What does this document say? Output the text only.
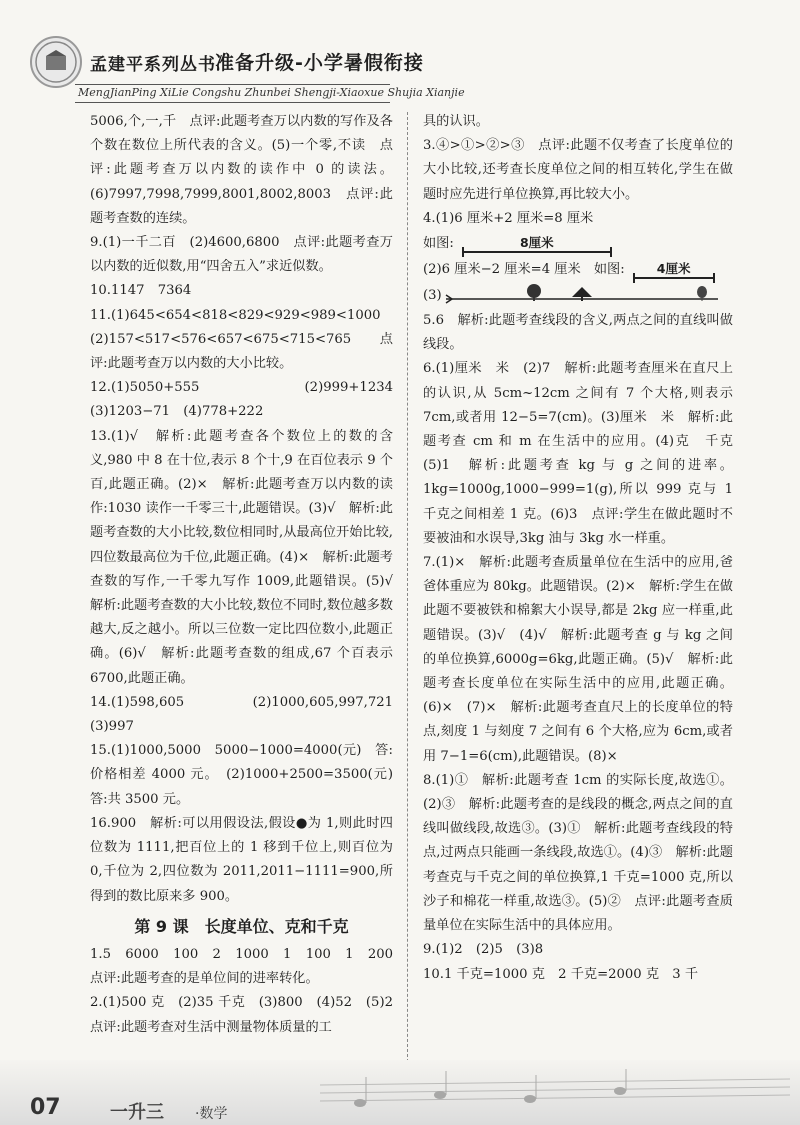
孟建平系列丛书 准备升级-小学暑假衔接
MengJianPing XiLie Congshu Zhunbei Shengji-Xiaoxue Shujia Xianjie

5006,个,一,千　点评:此题考查万以内数的写作及各个数在数位上所代表的含义。(5)一个零,不读　点评:此题考查万以内数的读作中 0 的读法。(6)7997,7998,7999,8001,8002,8003　点评:此题考查数的连续。

9.(1)一千二百　(2)4600,6800　点评:此题考查万以内数的近似数,用“四舍五入”求近似数。

10.1147　7364

11.(1)645<654<818<829<929<989<1000　(2)157<517<576<657<675<715<765　点评:此题考查万以内数的大小比较。

12.(1)5050+555　(2)999+1234　(3)1203−71　(4)778+222

13.(1)√　解析:此题考查各个数位上的数的含义,980 中 8 在十位,表示 8 个十,9 在百位表示 9 个百,此题正确。(2)×　解析:此题考查万以内数的读作:1030 读作一千零三十,此题错误。(3)√　解析:此题考查数的大小比较,数位相同时,从最高位开始比较,四位数最高位为千位,此题正确。(4)×　解析:此题考查数的写作,一千零九写作 1009,此题错误。(5)√　解析:此题考查数的大小比较,数位不同时,数位越多数越大,反之越小。所以三位数一定比四位数小,此题正确。(6)√　解析:此题考查数的组成,67 个百表示 6700,此题正确。

14.(1)598,605　(2)1000,605,997,721　(3)997

15.(1)1000,5000　5000−1000=4000(元)　答:价格相差 4000 元。　(2)1000+2500=3500(元)　答:共 3500 元。

16.900　解析:可以用假设法,假设●为 1,则此时四位数为 1111,把百位上的 1 移到千位上,则百位为 0,千位为 2,四位数为 2011,2011−1111=900,所得到的数比原来多 900。

第 9 课　长度单位、克和千克

1.5　6000　100　2　1000　1　100　1　200　点评:此题考查的是单位间的进率转化。

2.(1)500 克　(2)35 千克　(3)800　(4)52　(5)2　点评:此题考查对生活中测量物体质量的工

具的认识。

3.④>①>②>③　点评:此题不仅考查了长度单位的大小比较,还考查长度单位之间的相互转化,学生在做题时应先进行单位换算,再比较大小。

4.(1)6 厘米+2 厘米=8 厘米

如图:	8厘米
(2)6 厘米−2 厘米=4 厘米　如图:	4厘米
(3)

5.6　解析:此题考查线段的含义,两点之间的直线叫做线段。

6.(1)厘米　米　(2)7　解析:此题考查厘米在直尺上的认识,从 5cm~12cm 之间有 7 个大格,则表示 7cm,或者用 12−5=7(cm)。(3)厘米　米　解析:此题考查 cm 和 m 在生活中的应用。(4)克　千克　(5)1　解析:此题考查 kg 与 g 之间的进率。1kg=1000g,1000−999=1(g),所以 999 克与 1 千克之间相差 1 克。(6)3　点评:学生在做此题时不要被油和水误导,3kg 油与 3kg 水一样重。

7.(1)×　解析:此题考查质量单位在生活中的应用,爸爸体重应为 80kg。此题错误。(2)×　解析:学生在做此题不要被铁和棉絮大小误导,都是 2kg 应一样重,此题错误。(3)√　(4)√　解析:此题考查 g 与 kg 之间的单位换算,6000g=6kg,此题正确。(5)√　解析:此题考查长度单位在实际生活中的应用,此题正确。(6)×　(7)×　解析:此题考查直尺上的长度单位的特点,刻度 1 与刻度 7 之间有 6 个大格,应为 6cm,或者用 7−1=6(cm),此题错误。(8)×

8.(1)①　解析:此题考查 1cm 的实际长度,故选①。(2)③　解析:此题考查的是线段的概念,两点之间的直线叫做线段,故选③。(3)①　解析:此题考查线段的特点,过两点只能画一条线段,故选①。(4)③　解析:此题考查克与千克之间的单位换算,1 千克=1000 克,所以沙子和棉花一样重,故选③。(5)②　点评:此题考查质量单位在实际生活中的具体应用。

9.(1)2　(2)5　(3)8

10.1 千克=1000 克　2 千克=2000 克　3 千

07	一升三 ·数学
